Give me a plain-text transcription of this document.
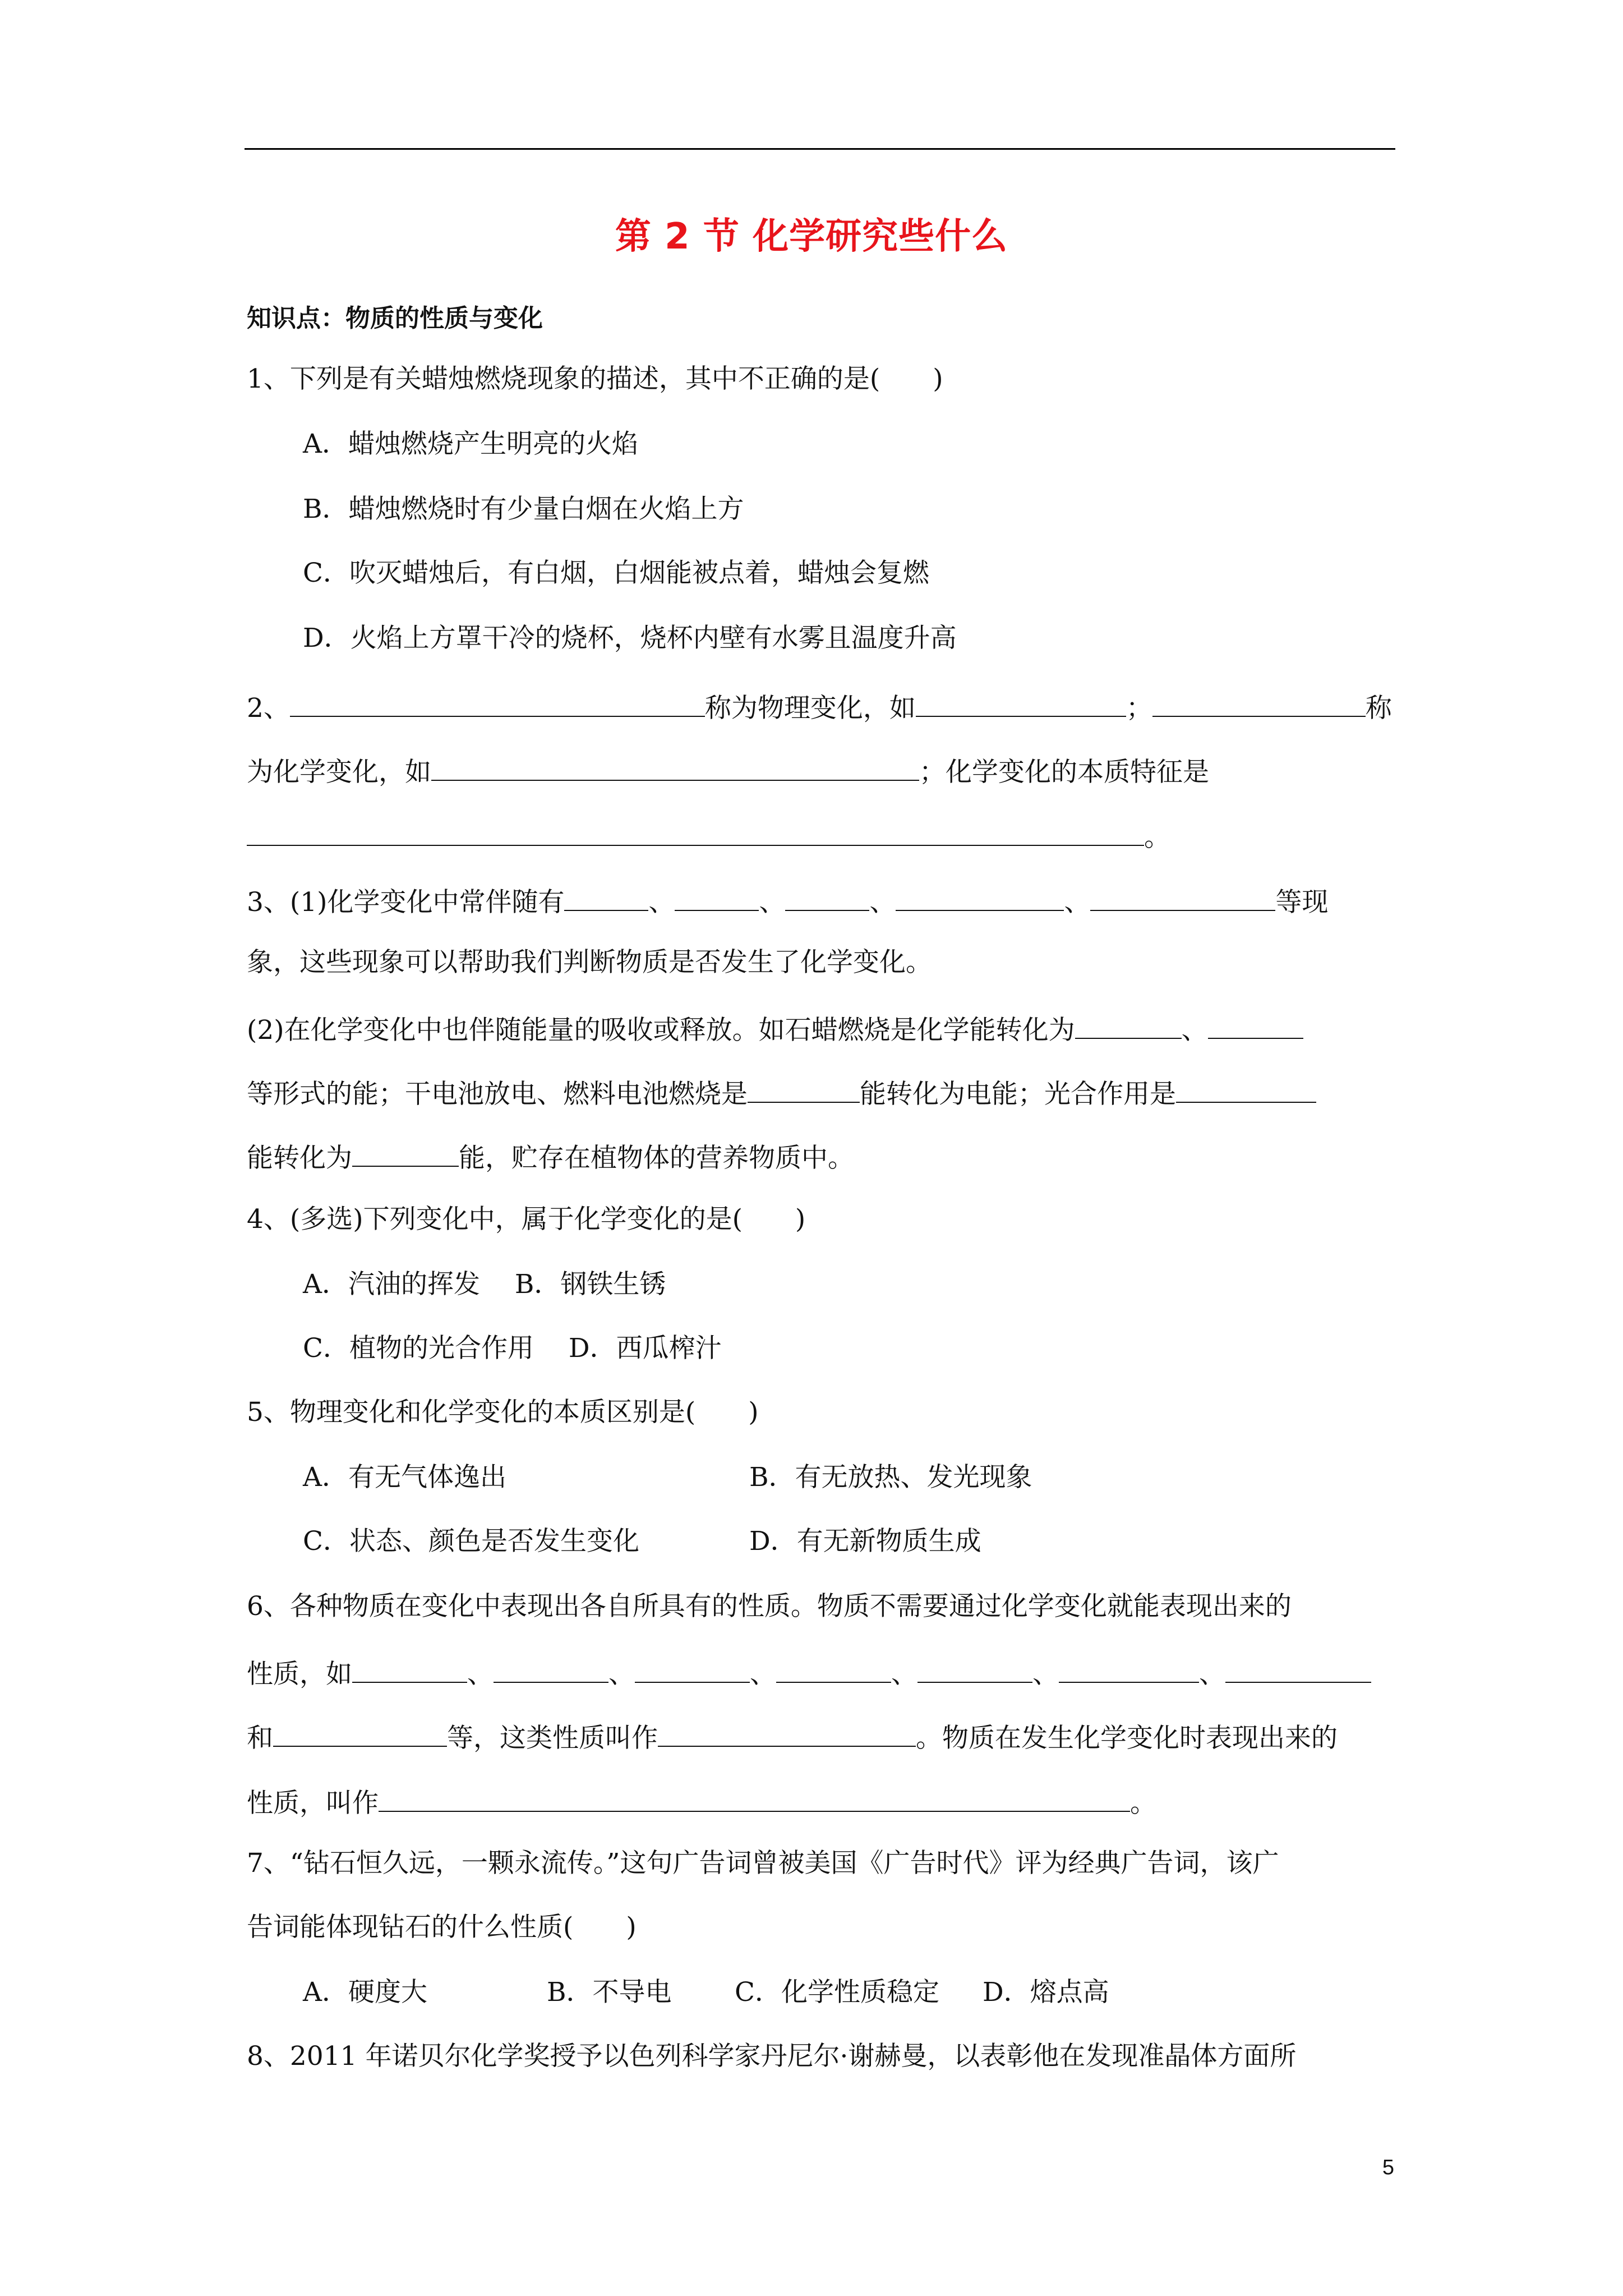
第 2 节 化学研究些什么
知识点：物质的性质与变化
1、下列是有关蜡烛燃烧现象的描述，其中不正确的是(　　)
A．蜡烛燃烧产生明亮的火焰
B．蜡烛燃烧时有少量白烟在火焰上方
C．吹灭蜡烛后，有白烟，白烟能被点着，蜡烛会复燃
D．火焰上方罩干冷的烧杯，烧杯内壁有水雾且温度升高
2、	称为物理变化，如	；	称
为化学变化，如	；化学变化的本质特征是
。
3、(1)化学变化中常伴随有	、	、	、	、	等现
象，这些现象可以帮助我们判断物质是否发生了化学变化。
(2)在化学变化中也伴随能量的吸收或释放。如石蜡燃烧是化学能转化为	、
等形式的能；干电池放电、燃料电池燃烧是	能转化为电能；光合作用是
能转化为	能，贮存在植物体的营养物质中。
4、(多选)下列变化中，属于化学变化的是(　　)
A．汽油的挥发　 B．钢铁生锈
C．植物的光合作用　 D．西瓜榨汁
5、物理变化和化学变化的本质区别是(　　)
A．有无气体逸出	B．有无放热、发光现象
C．状态、颜色是否发生变化	D．有无新物质生成
6、各种物质在变化中表现出各自所具有的性质。物质不需要通过化学变化就能表现出来的
性质，如	、	、	、	、	、	、
和	等，这类性质叫作	。物质在发生化学变化时表现出来的
性质，叫作	。
7、“钻石恒久远，一颗永流传。”这句广告词曾被美国《广告时代》评为经典广告词，该广
告词能体现钻石的什么性质(　　)
A．硬度大	B．不导电 C．化学性质稳定 D．熔点高
8、2011 年诺贝尔化学奖授予以色列科学家丹尼尔·谢赫曼，以表彰他在发现准晶体方面所
5
